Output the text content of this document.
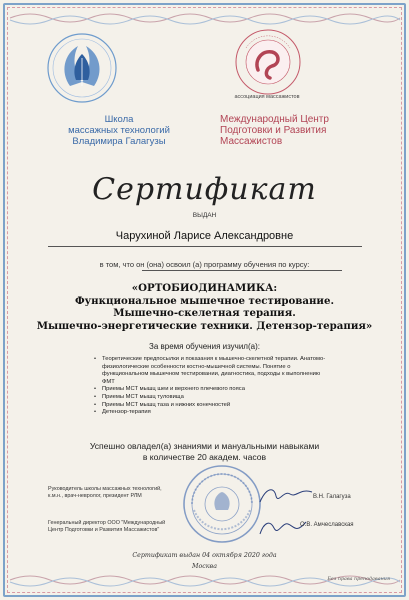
Школа
массажных технологий
Владимира Галагузы
ассоциация массажистов
Международный Центр
Подготовки и Развития
Массажистов
Сертификат
ВЫДАН
Чарухиной Ларисе Александровне
в том, что он (она) освоил (а) программу обучения по курсу:
«ОРТОБИОДИНАМИКА:
Функциональное мышечное тестирование.
Мышечно-скелетная терапия.
Мышечно-энергетические техники. Детензор-терапия»
За время обучения изучил(а):
• Теоретические предпосылки и показания к мышечно-скелетной терапии. Анатомо-физиологические особенности костно-мышечной системы. Понятие о функциональном мышечном тестировании, диагностика, подходы к выполнению ФМТ
• Приемы МСТ мышц шеи и верхнего плечевого пояса
• Приемы МСТ мышц туловища
• Приемы МСТ мышц таза и нижних конечностей
• Детензор-терапия
Успешно овладел(а) знаниями и мануальными навыками
в количестве 20 академ. часов
Руководитель школы массажных технологий,
к.м.н., врач-невролог, президент РЛМ	В.Н. Галагуза
Генеральный директор ООО "Международный
Центр Подготовки и Развития Массажистов"
О.В. Амчеславская
Сертификат выдан 04 октября 2020 года
Москва
Без права преподавания
